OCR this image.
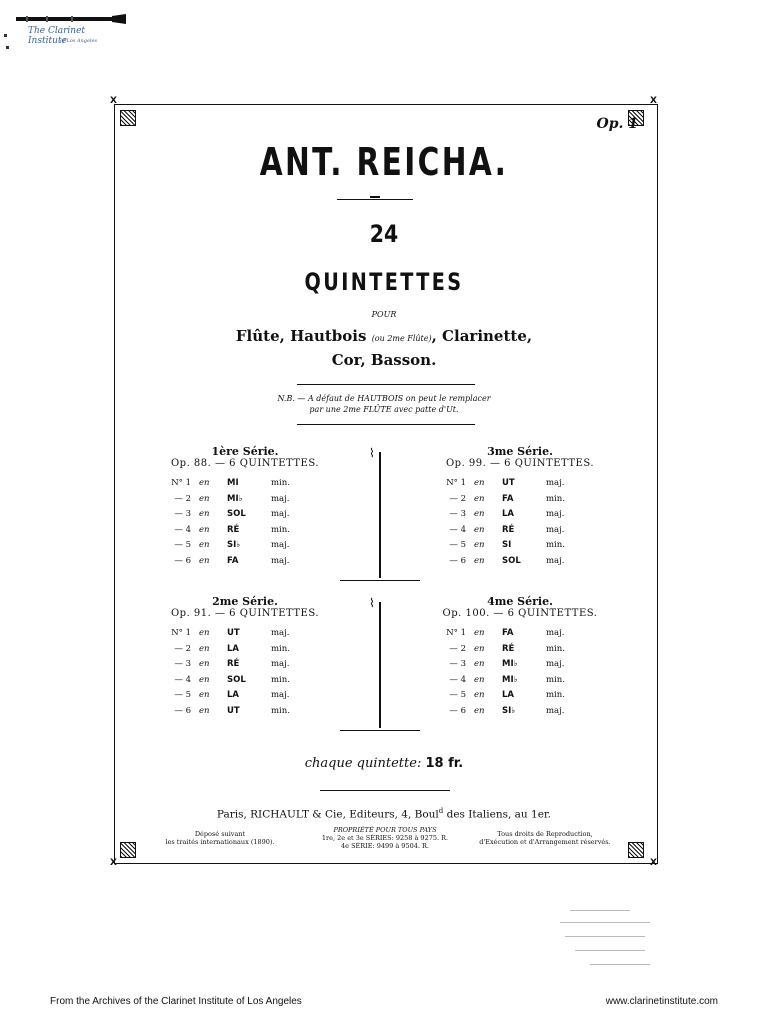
The Clarinet Institute
of Los Angeles
X	X
X	X
Op. 1
ANT. REICHA.
24
QUINTETTES
POUR
Flûte, Hautbois (ou 2me Flûte), Clarinette,
Cor, Basson.
N.B. — A défaut de HAUTBOIS on peut le remplacer
par une 2me FLÛTE avec patte d'Ut.
1ère Série.
Op. 88. — 6 QUINTETTES.
N° 1 en MI	min.
— 2 en MI♭	maj.
— 3 en SOL	maj.
— 4 en RÉ	min.
— 5 en SI♭	maj.
— 6 en FA	maj.
3me Série.
Op. 99. — 6 QUINTETTES.
N° 1 en UT	maj.
— 2 en FA	min.
— 3 en LA	maj.
— 4 en RÉ	maj.
— 5 en SI	min.
— 6 en SOL	maj.
2me Série.
Op. 91. — 6 QUINTETTES.
N° 1 en UT	maj.
— 2 en LA	min.
— 3 en RÉ	maj.
— 4 en SOL	min.
— 5 en LA	maj.
— 6 en UT	min.
4me Série.
Op. 100. — 6 QUINTETTES.
N° 1 en FA	maj.
— 2 en RÉ	min.
— 3 en MI♭	maj.
— 4 en MI♭	min.
— 5 en LA	min.
— 6 en SI♭	maj.
⌇
⌇
chaque quintette: 18 fr.
Paris, RICHAULT & Cie, Editeurs, 4, Boul$^d$ des Italiens, au 1er.
Déposé suivant
les traités internationaux (1890).
PROPRIÉTÉ POUR TOUS PAYS
1re, 2e et 3e SÉRIES: 9258 à 9275. R.
4e SÉRIE: 9499 à 9504. R.
Tous droits de Reproduction,
d'Exécution et d'Arrangement réservés.
From the Archives of the Clarinet Institute of Los Angeles	www.clarinetinstitute.com
